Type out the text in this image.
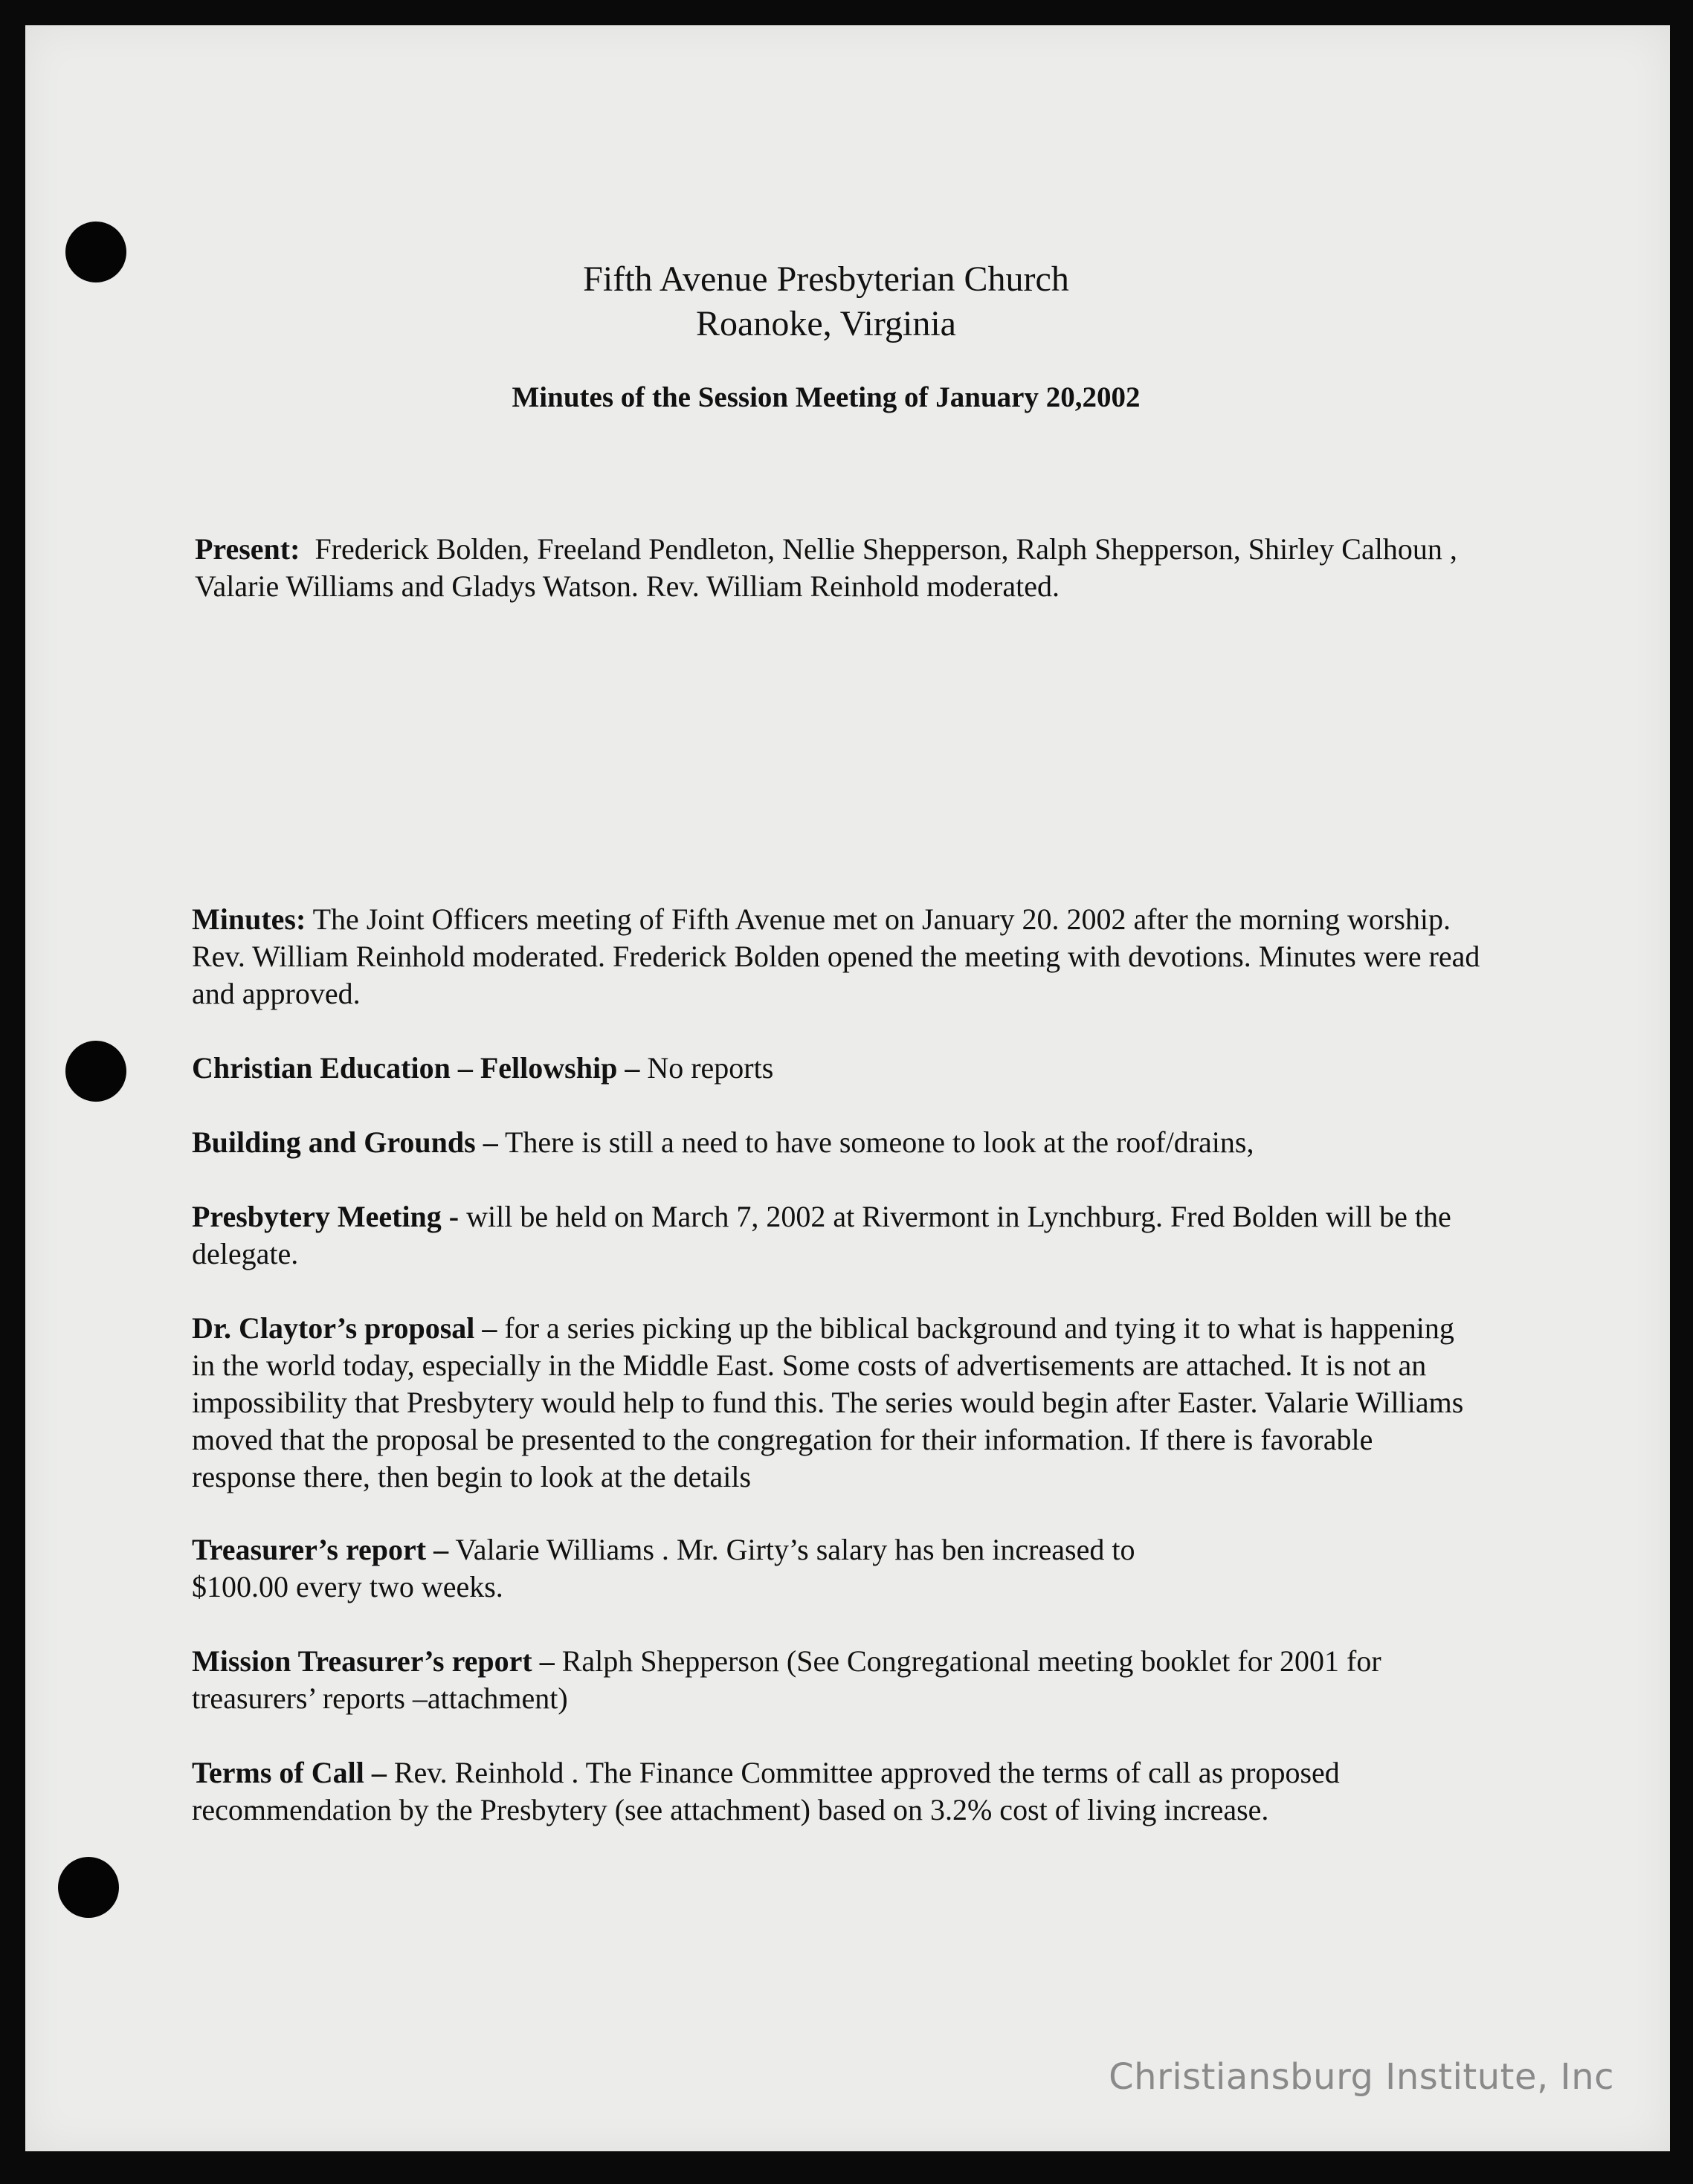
Fifth Avenue Presbyterian Church

Roanoke, Virginia

Minutes of the Session Meeting of January 20,2002

Present: Frederick Bolden, Freeland Pendleton, Nellie Shepperson, Ralph Shepperson, Shirley Calhoun , Valarie Williams and Gladys Watson. Rev. William Reinhold moderated.

Minutes: The Joint Officers meeting of Fifth Avenue met on January 20. 2002 after the morning worship. Rev. William Reinhold moderated. Frederick Bolden opened the meeting with devotions. Minutes were read and approved.

Christian Education – Fellowship – No reports

Building and Grounds – There is still a need to have someone to look at the roof/drains,

Presbytery Meeting - will be held on March 7, 2002 at Rivermont in Lynchburg. Fred Bolden will be the delegate.

Dr. Claytor’s proposal – for a series picking up the biblical background and tying it to what is happening in the world today, especially in the Middle East. Some costs of advertisements are attached. It is not an impossibility that Presbytery would help to fund this. The series would begin after Easter. Valarie Williams moved that the proposal be presented to the congregation for their information. If there is favorable response there, then begin to look at the details

Treasurer’s report – Valarie Williams . Mr. Girty’s salary has ben increased to
$100.00 every two weeks.

Mission Treasurer’s report – Ralph Shepperson (See Congregational meeting booklet for 2001 for treasurers’ reports –attachment)

Terms of Call – Rev. Reinhold . The Finance Committee approved the terms of call as proposed recommendation by the Presbytery (see attachment) based on 3.2% cost of living increase.

Christiansburg Institute, Inc
